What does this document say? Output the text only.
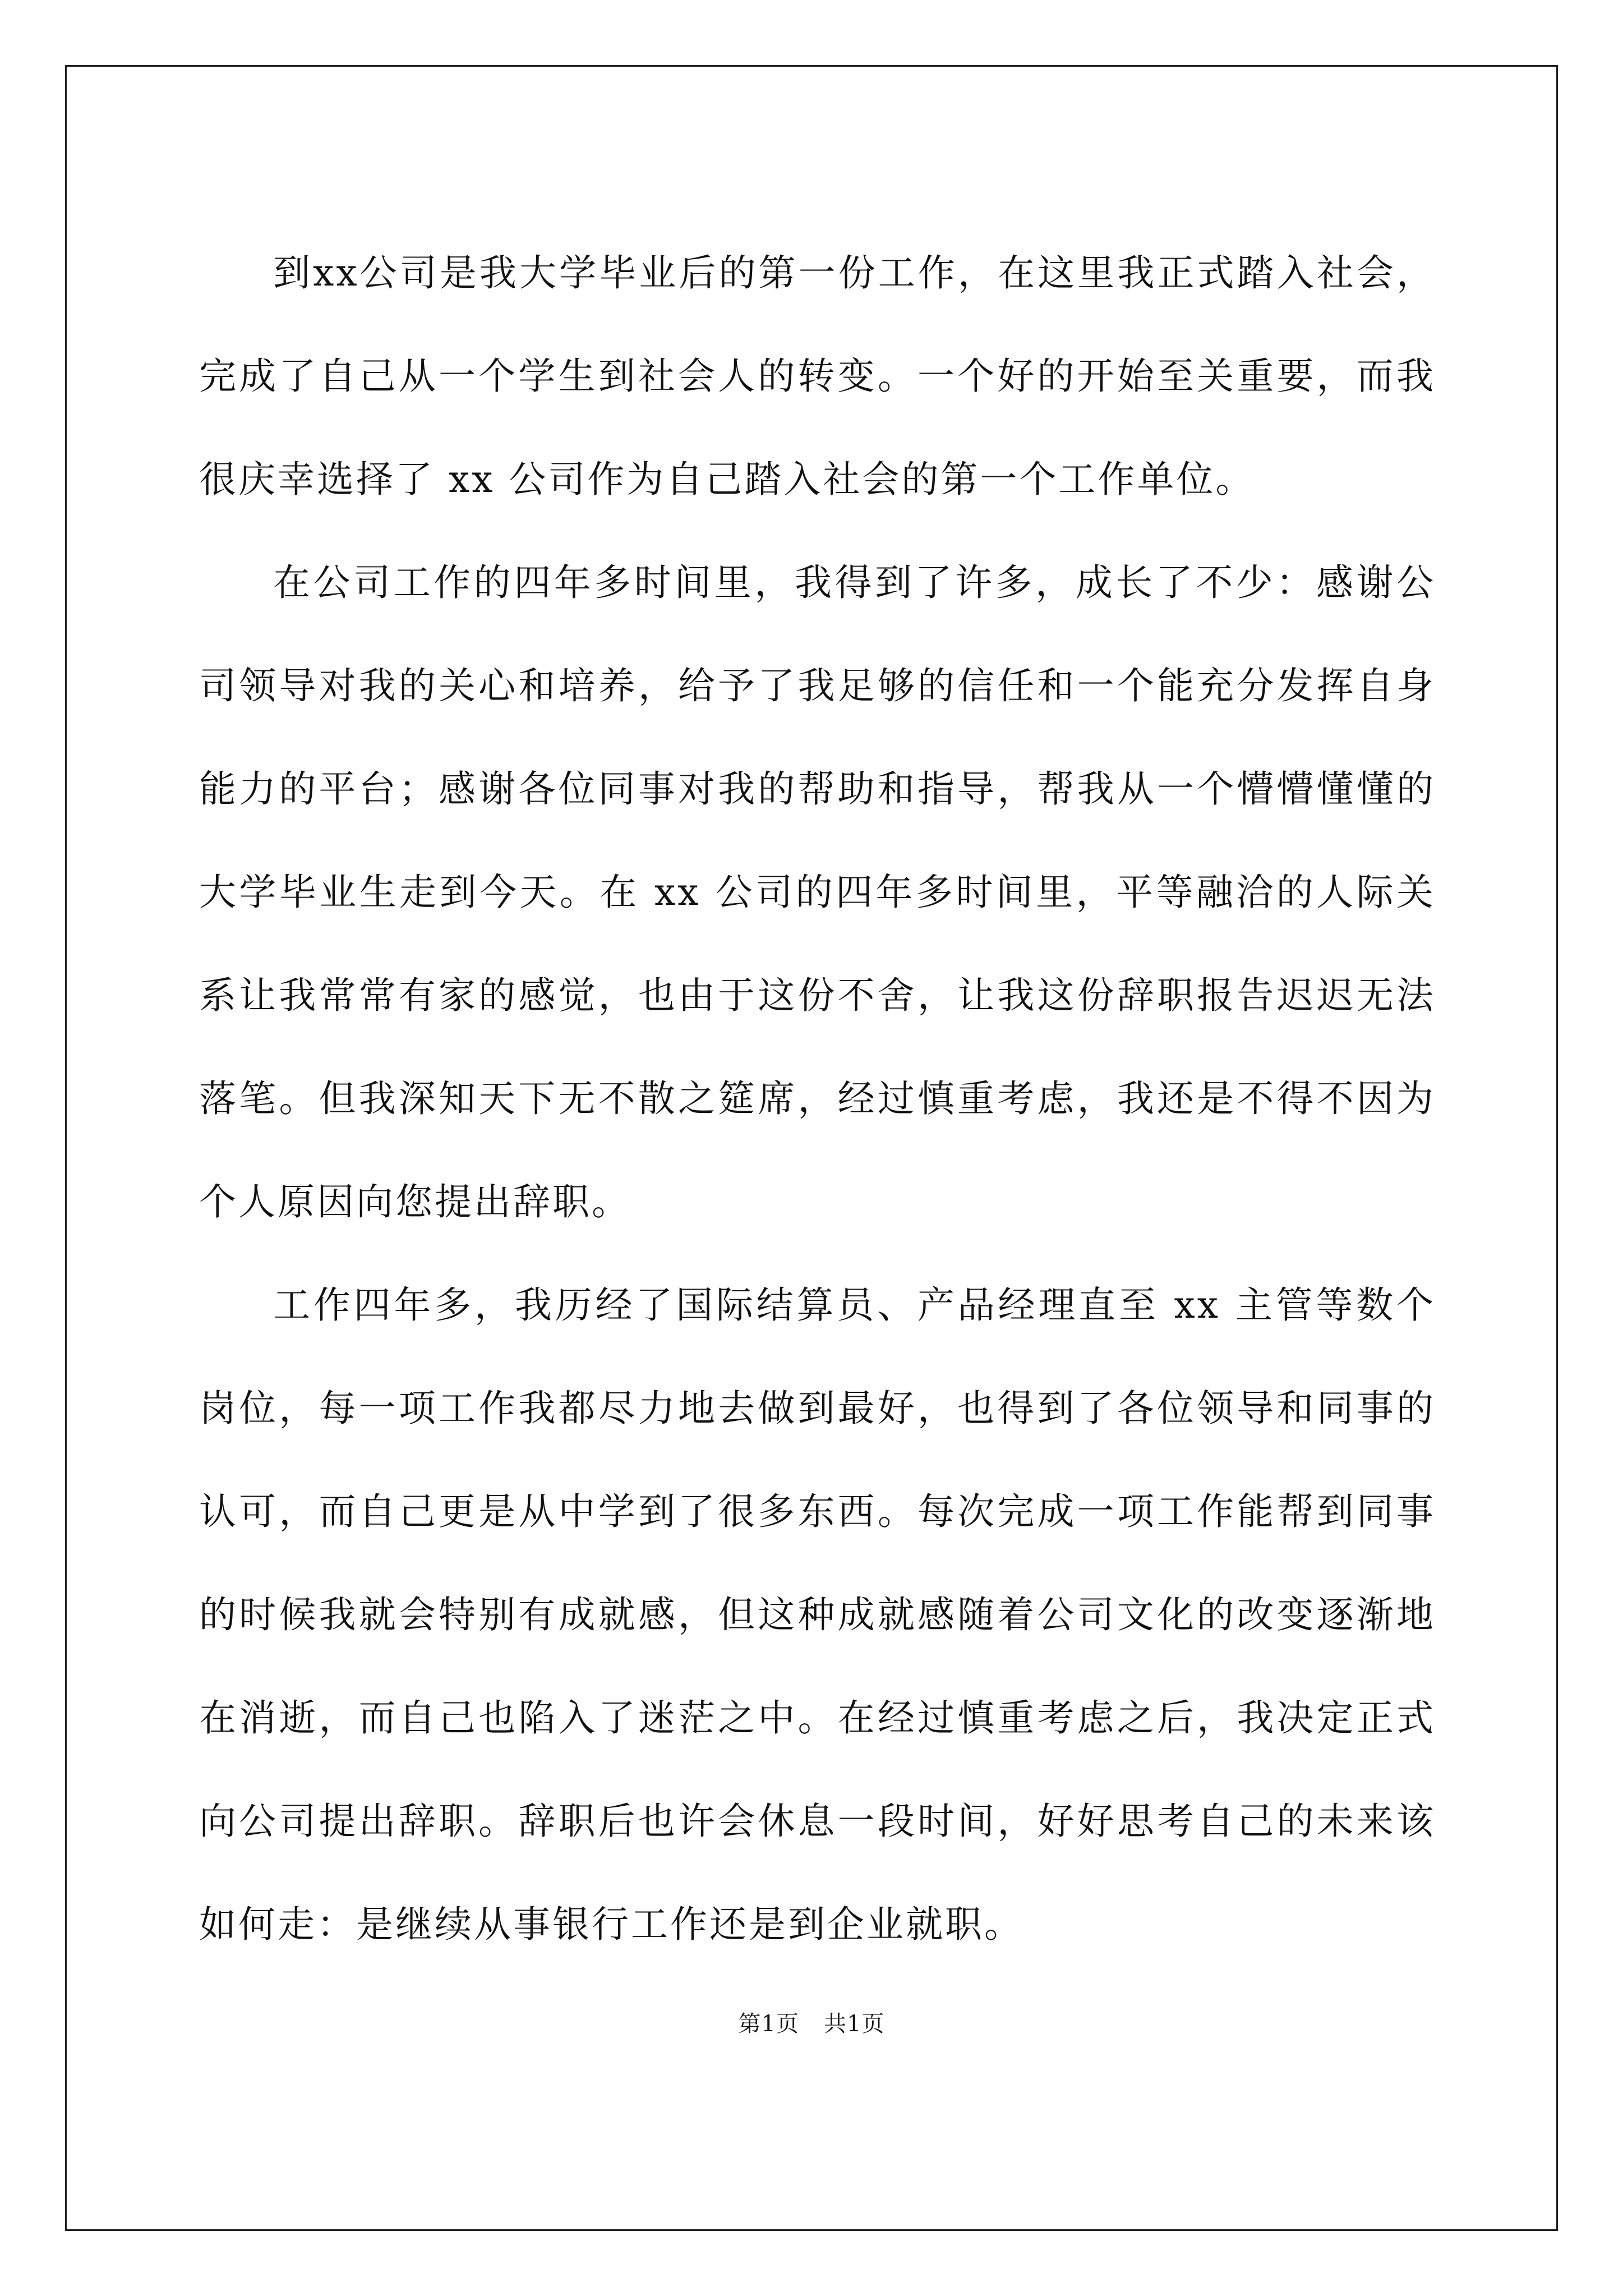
到xx公司是我大学毕业后的第一份工作，在这里我正式踏入社会，完成了自己从一个学生到社会人的转变。一个好的开始至关重要，而我很庆幸选择了 xx 公司作为自己踏入社会的第一个工作单位。

在公司工作的四年多时间里，我得到了许多，成长了不少：感谢公司领导对我的关心和培养，给予了我足够的信任和一个能充分发挥自身能力的平台；感谢各位同事对我的帮助和指导，帮我从一个懵懵懂懂的大学毕业生走到今天。在 xx 公司的四年多时间里，平等融洽的人际关系让我常常有家的感觉，也由于这份不舍，让我这份辞职报告迟迟无法落笔。但我深知天下无不散之筵席，经过慎重考虑，我还是不得不因为个人原因向您提出辞职。

工作四年多，我历经了国际结算员、产品经理直至 xx 主管等数个岗位，每一项工作我都尽力地去做到最好，也得到了各位领导和同事的认可，而自己更是从中学到了很多东西。每次完成一项工作能帮到同事的时候我就会特别有成就感，但这种成就感随着公司文化的改变逐渐地在消逝，而自己也陷入了迷茫之中。在经过慎重考虑之后，我决定正式向公司提出辞职。辞职后也许会休息一段时间，好好思考自己的未来该如何走：是继续从事银行工作还是到企业就职。

第1页 共1页
